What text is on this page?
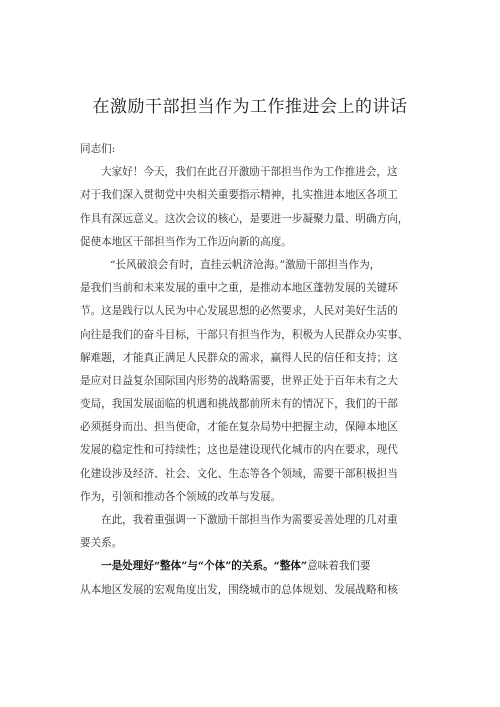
在激励干部担当作为工作推进会上的讲话
同志们:
大家好！今天，我们在此召开激励干部担当作为工作推进会，这
对于我们深入贯彻党中央相关重要指示精神，扎实推进本地区各项工
作具有深远意义。这次会议的核心，是要进一步凝聚力量、明确方向，
促使本地区干部担当作为工作迈向新的高度。
“长风破浪会有时，直挂云帆济沧海。”激励干部担当作为，
是我们当前和未来发展的重中之重，是推动本地区蓬勃发展的关键环
节。这是践行以人民为中心发展思想的必然要求，人民对美好生活的
向往是我们的奋斗目标，干部只有担当作为，积极为人民群众办实事、
解难题，才能真正满足人民群众的需求，赢得人民的信任和支持；这
是应对日益复杂国际国内形势的战略需要，世界正处于百年未有之大
变局，我国发展面临的机遇和挑战都前所未有的情况下，我们的干部
必须挺身而出、担当使命，才能在复杂局势中把握主动，保障本地区
发展的稳定性和可持续性；这也是建设现代化城市的内在要求，现代
化建设涉及经济、社会、文化、生态等各个领域，需要干部积极担当
作为，引领和推动各个领域的改革与发展。
在此，我着重强调一下激励干部担当作为需要妥善处理的几对重
要关系。
一是处理好“整体”与“个体”的关系。“整体”意味着我们要
从本地区发展的宏观角度出发，围绕城市的总体规划、发展战略和核
